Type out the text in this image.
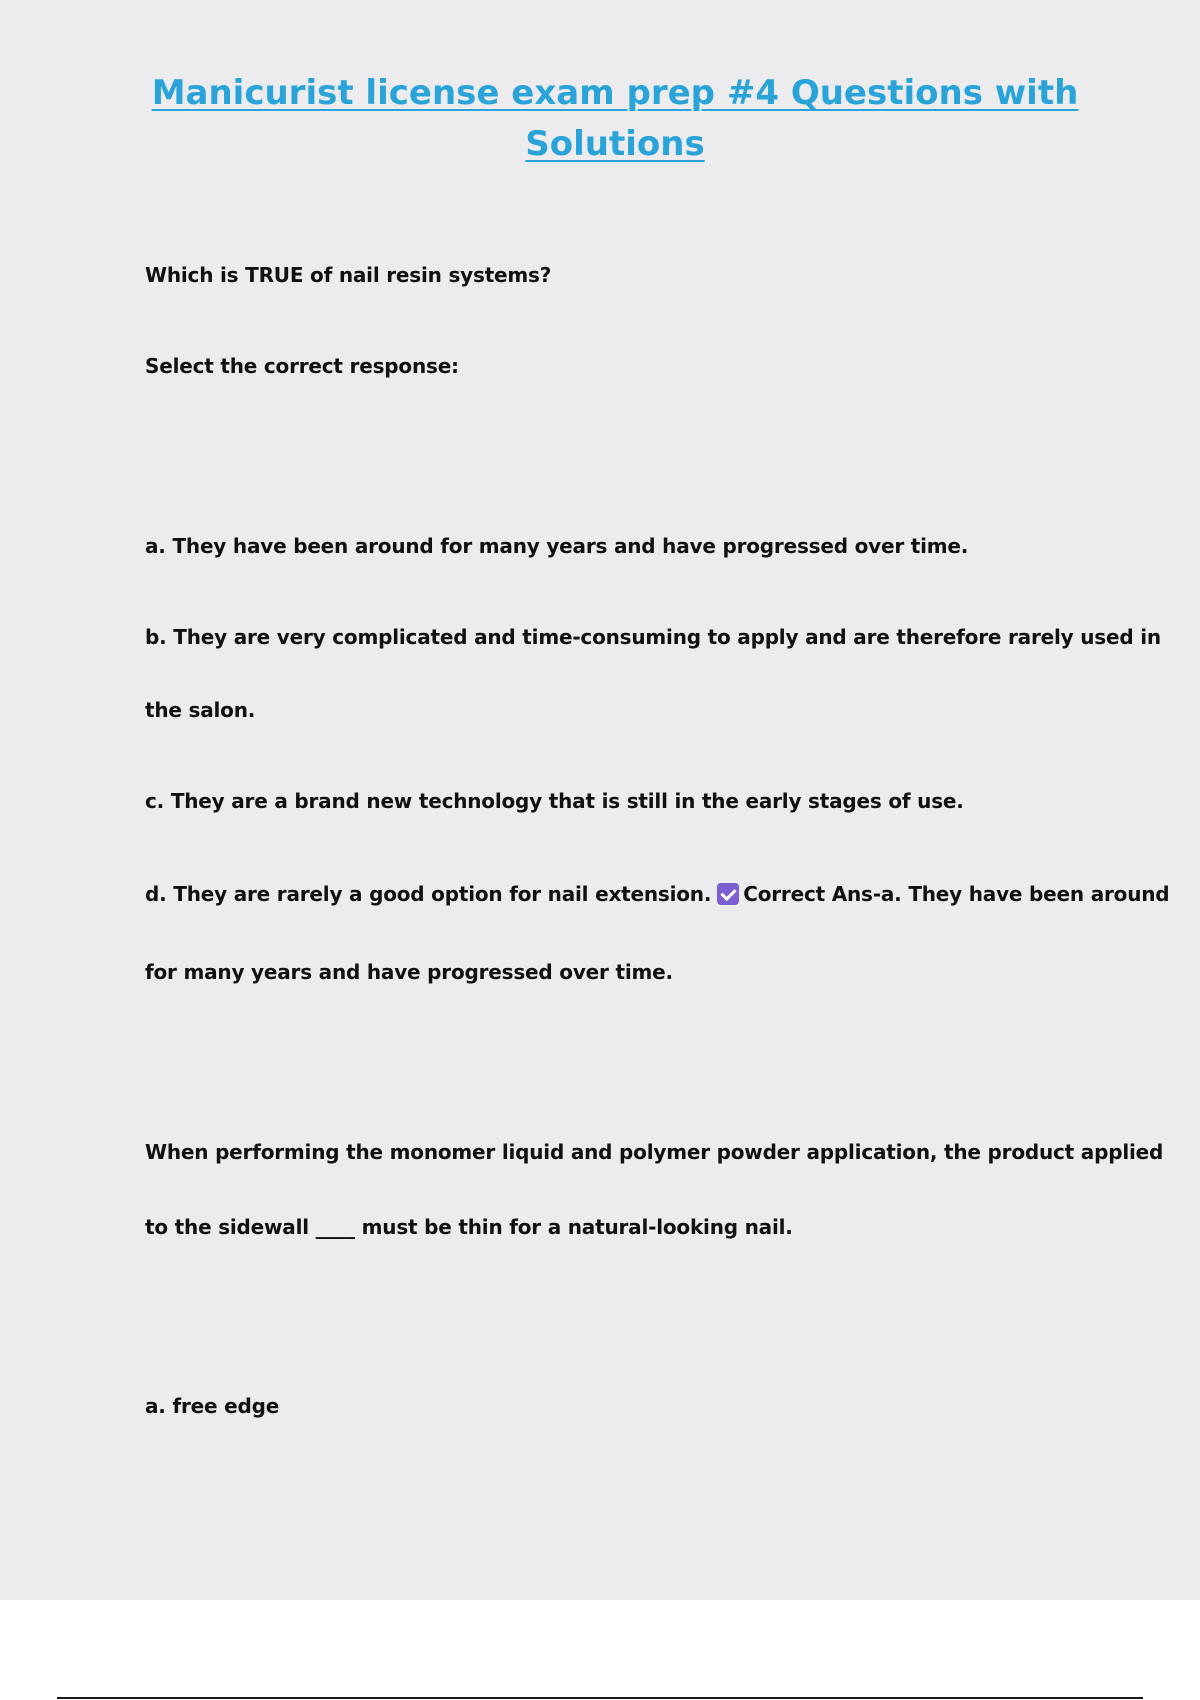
Manicurist license exam prep #4 Questions with Solutions

Which is TRUE of nail resin systems?

Select the correct response:

a. They have been around for many years and have progressed over time.

b. They are very complicated and time-consuming to apply and are therefore rarely used in

the salon.

c. They are a brand new technology that is still in the early stages of use.

d. They are rarely a good option for nail extension. Correct Ans-a. They have been around

for many years and have progressed over time.

When performing the monomer liquid and polymer powder application, the product applied

to the sidewall ____ must be thin for a natural-looking nail.

a. free edge
